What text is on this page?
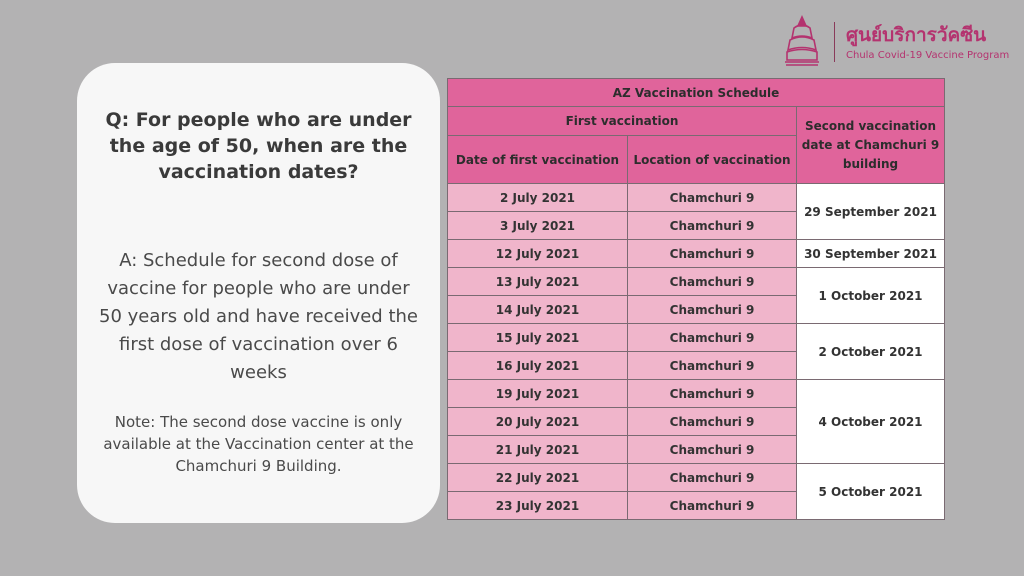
Q: For people who are under the age of 50, when are the vaccination dates?

A: Schedule for second dose of vaccine for people who are under 50 years old and have received the first dose of vaccination over 6 weeks

Note: The second dose vaccine is only available at the Vaccination center at the Chamchuri 9 Building.

ศูนย์บริการวัคซีน
Chula Covid-19 Vaccine Program
AZ Vaccination Schedule		
First vaccination		Second vaccination date at Chamchuri 9 building
Date of first vaccination	Location of vaccination	
2 July 2021	Chamchuri 9	29 September 2021
3 July 2021	Chamchuri 9	
12 July 2021	Chamchuri 9	30 September 2021
13 July 2021	Chamchuri 9	1 October 2021
14 July 2021	Chamchuri 9	
15 July 2021	Chamchuri 9	2 October 2021
16 July 2021	Chamchuri 9	
19 July 2021	Chamchuri 9	4 October 2021
20 July 2021	Chamchuri 9	
21 July 2021	Chamchuri 9	
22 July 2021	Chamchuri 9	5 October 2021
23 July 2021	Chamchuri 9	
